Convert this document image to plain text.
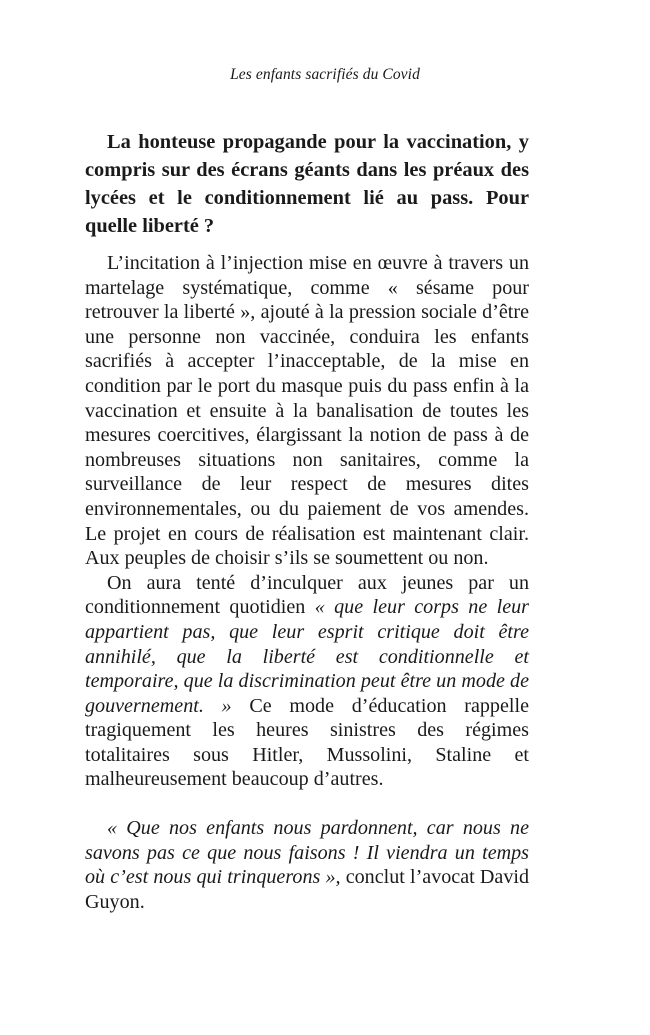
Les enfants sacrifiés du Covid

La honteuse propagande pour la vaccination, y compris sur des écrans géants dans les préaux des lycées et le conditionnement lié au pass. Pour quelle liberté ?

L’incitation à l’injection mise en œuvre à travers un martelage systématique, comme « sésame pour retrouver la liberté », ajouté à la pression sociale d’être une personne non vaccinée, conduira les enfants sacrifiés à accepter l’inacceptable, de la mise en condition par le port du masque puis du pass enfin à la vaccination et ensuite à la banalisation de toutes les mesures coercitives, élargissant la notion de pass à de nombreuses situations non sanitaires, comme la surveillance de leur respect de mesures dites environnementales, ou du paiement de vos amendes. Le projet en cours de réalisation est maintenant clair. Aux peuples de choisir s’ils se soumettent ou non.

On aura tenté d’inculquer aux jeunes par un conditionnement quotidien « que leur corps ne leur appartient pas, que leur esprit critique doit être annihilé, que la liberté est conditionnelle et temporaire, que la discrimination peut être un mode de gouvernement. » Ce mode d’éducation rappelle tragiquement les heures sinistres des régimes totalitaires sous Hitler, Mussolini, Staline et malheureusement beaucoup d’autres.

« Que nos enfants nous pardonnent, car nous ne savons pas ce que nous faisons ! Il viendra un temps où c’est nous qui trinquerons », conclut l’avocat David Guyon.
